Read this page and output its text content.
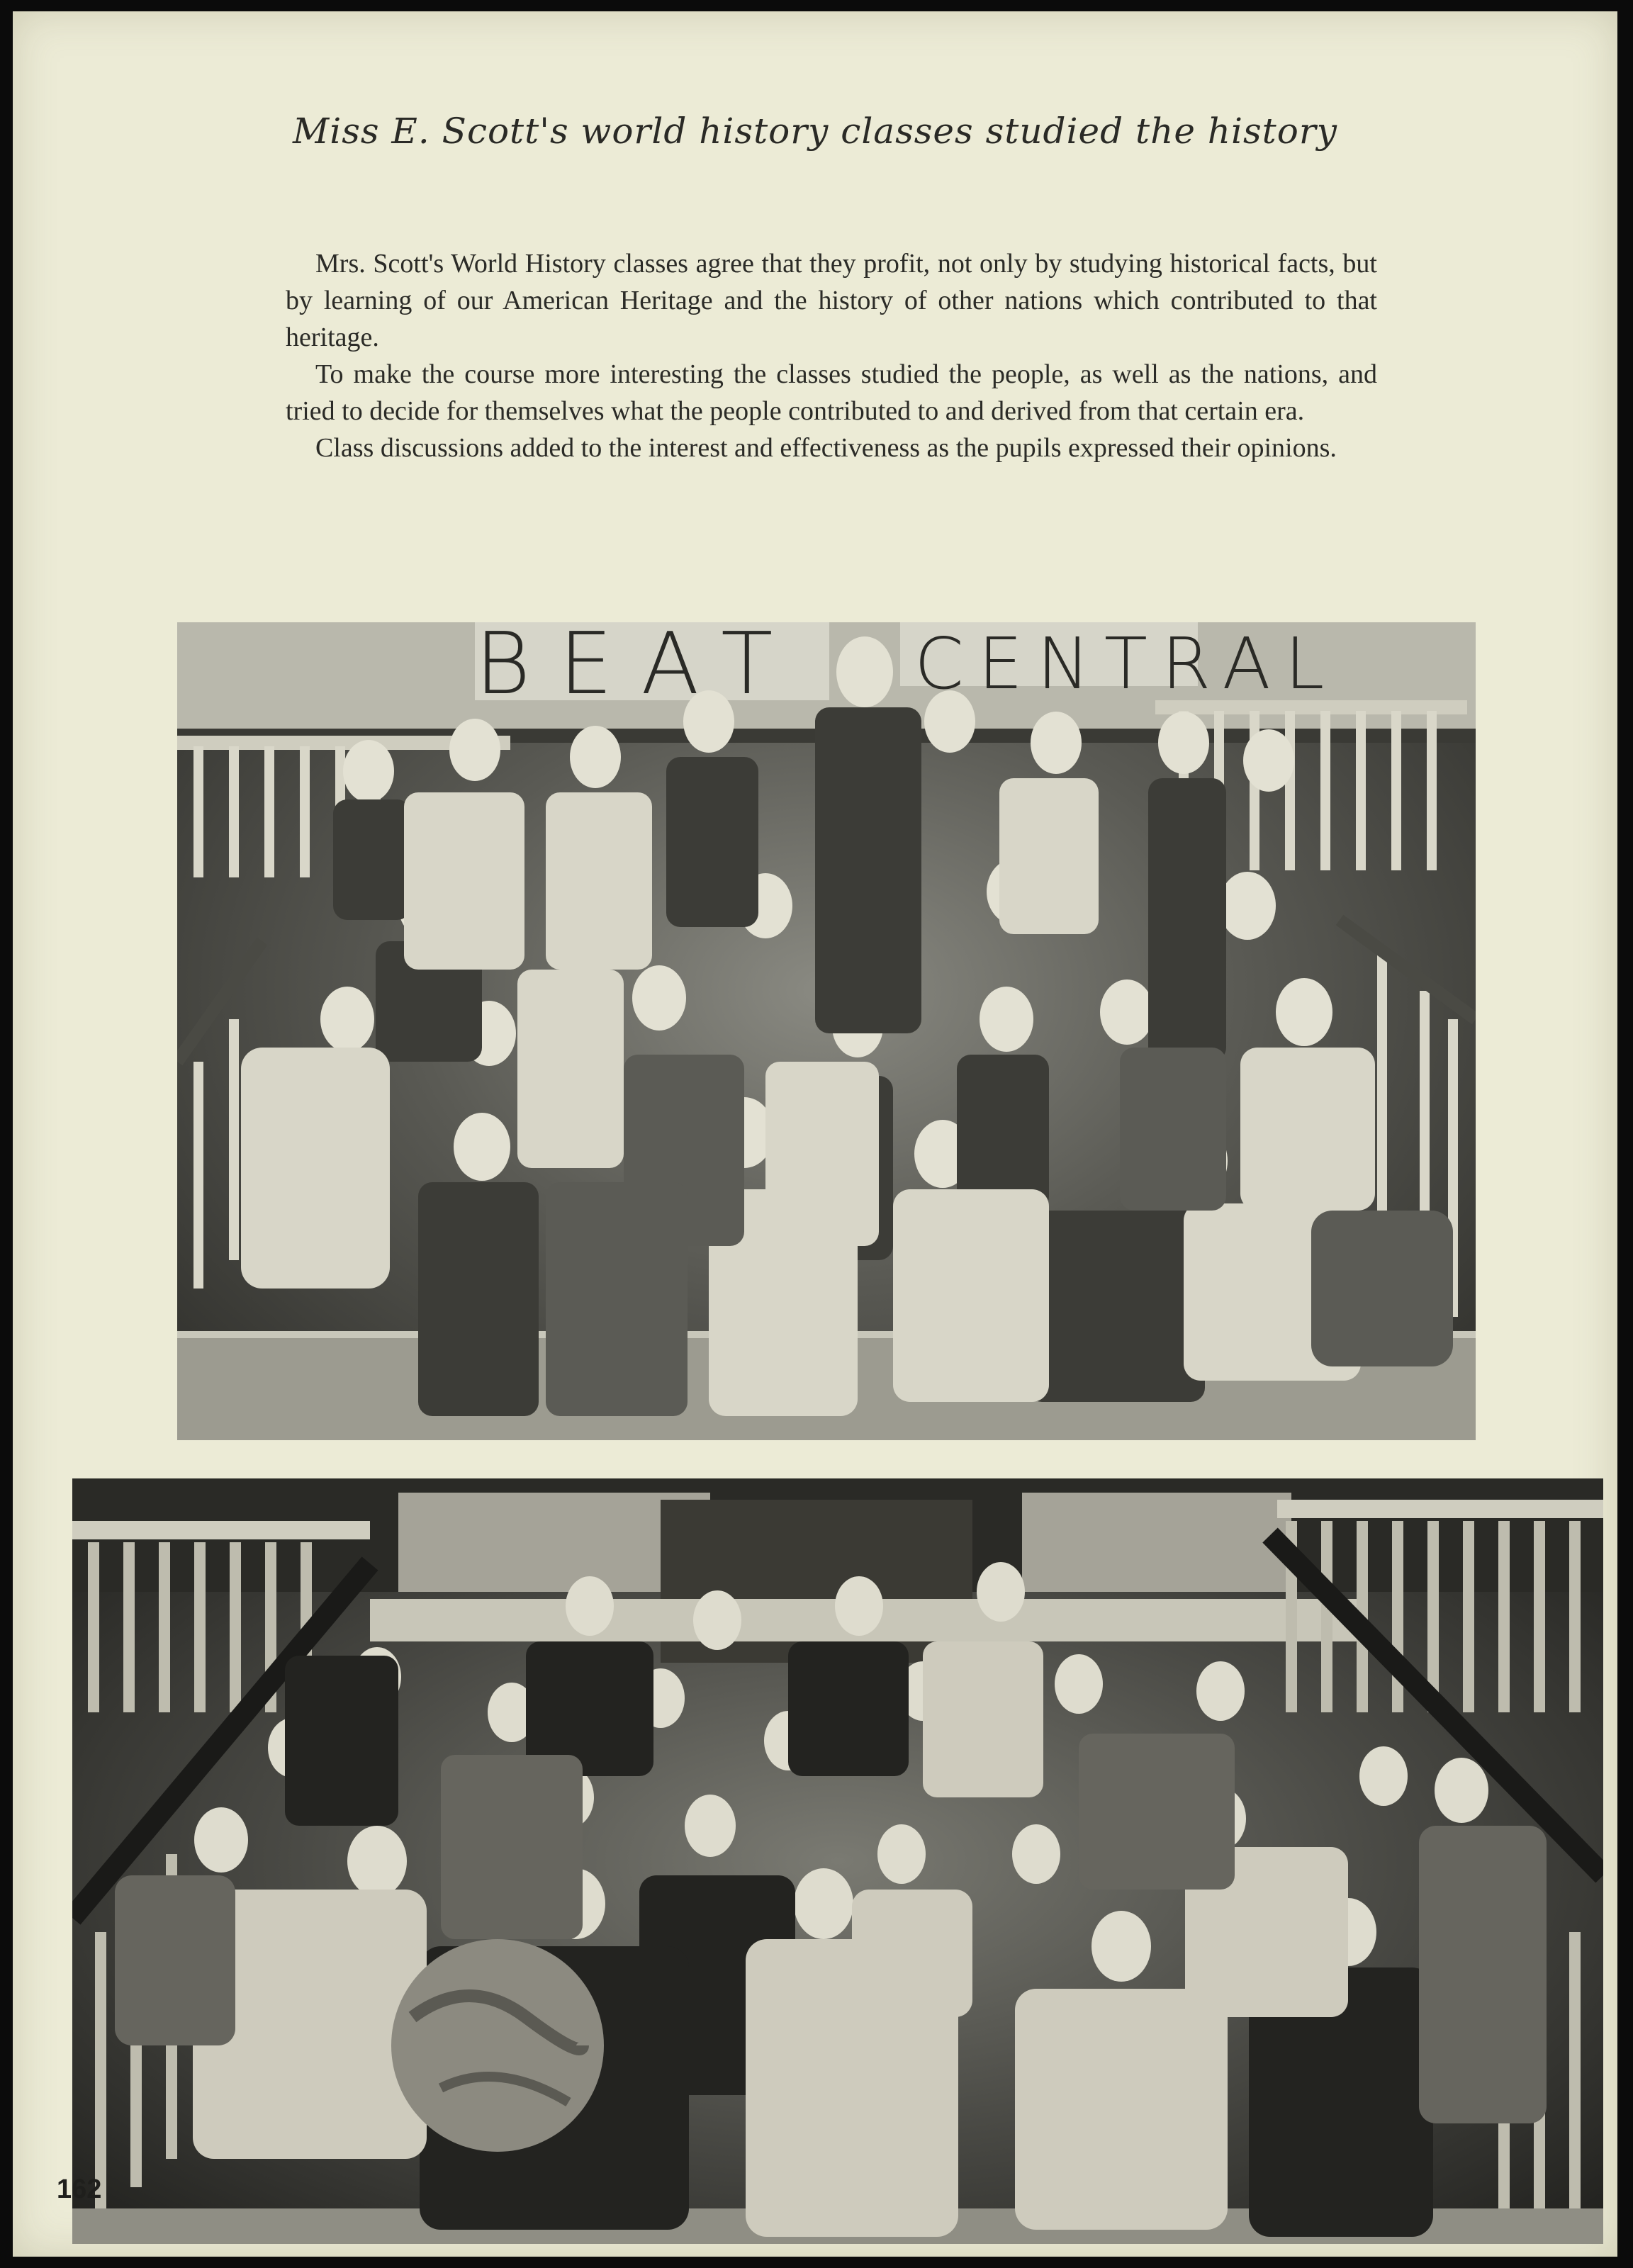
Miss E. Scott's world history classes studied the history

Mrs. Scott's World History classes agree that they profit, not only by studying historical facts, but by learning of our American Heritage and the history of other nations which contributed to that heritage.

To make the course more interesting the classes studied the people, as well as the nations, and tried to decide for themselves what the people contributed to and derived from that certain era.

Class discussions added to the interest and effectiveness as the pupils expressed their opinions.

BEAT CENTRAL
162
